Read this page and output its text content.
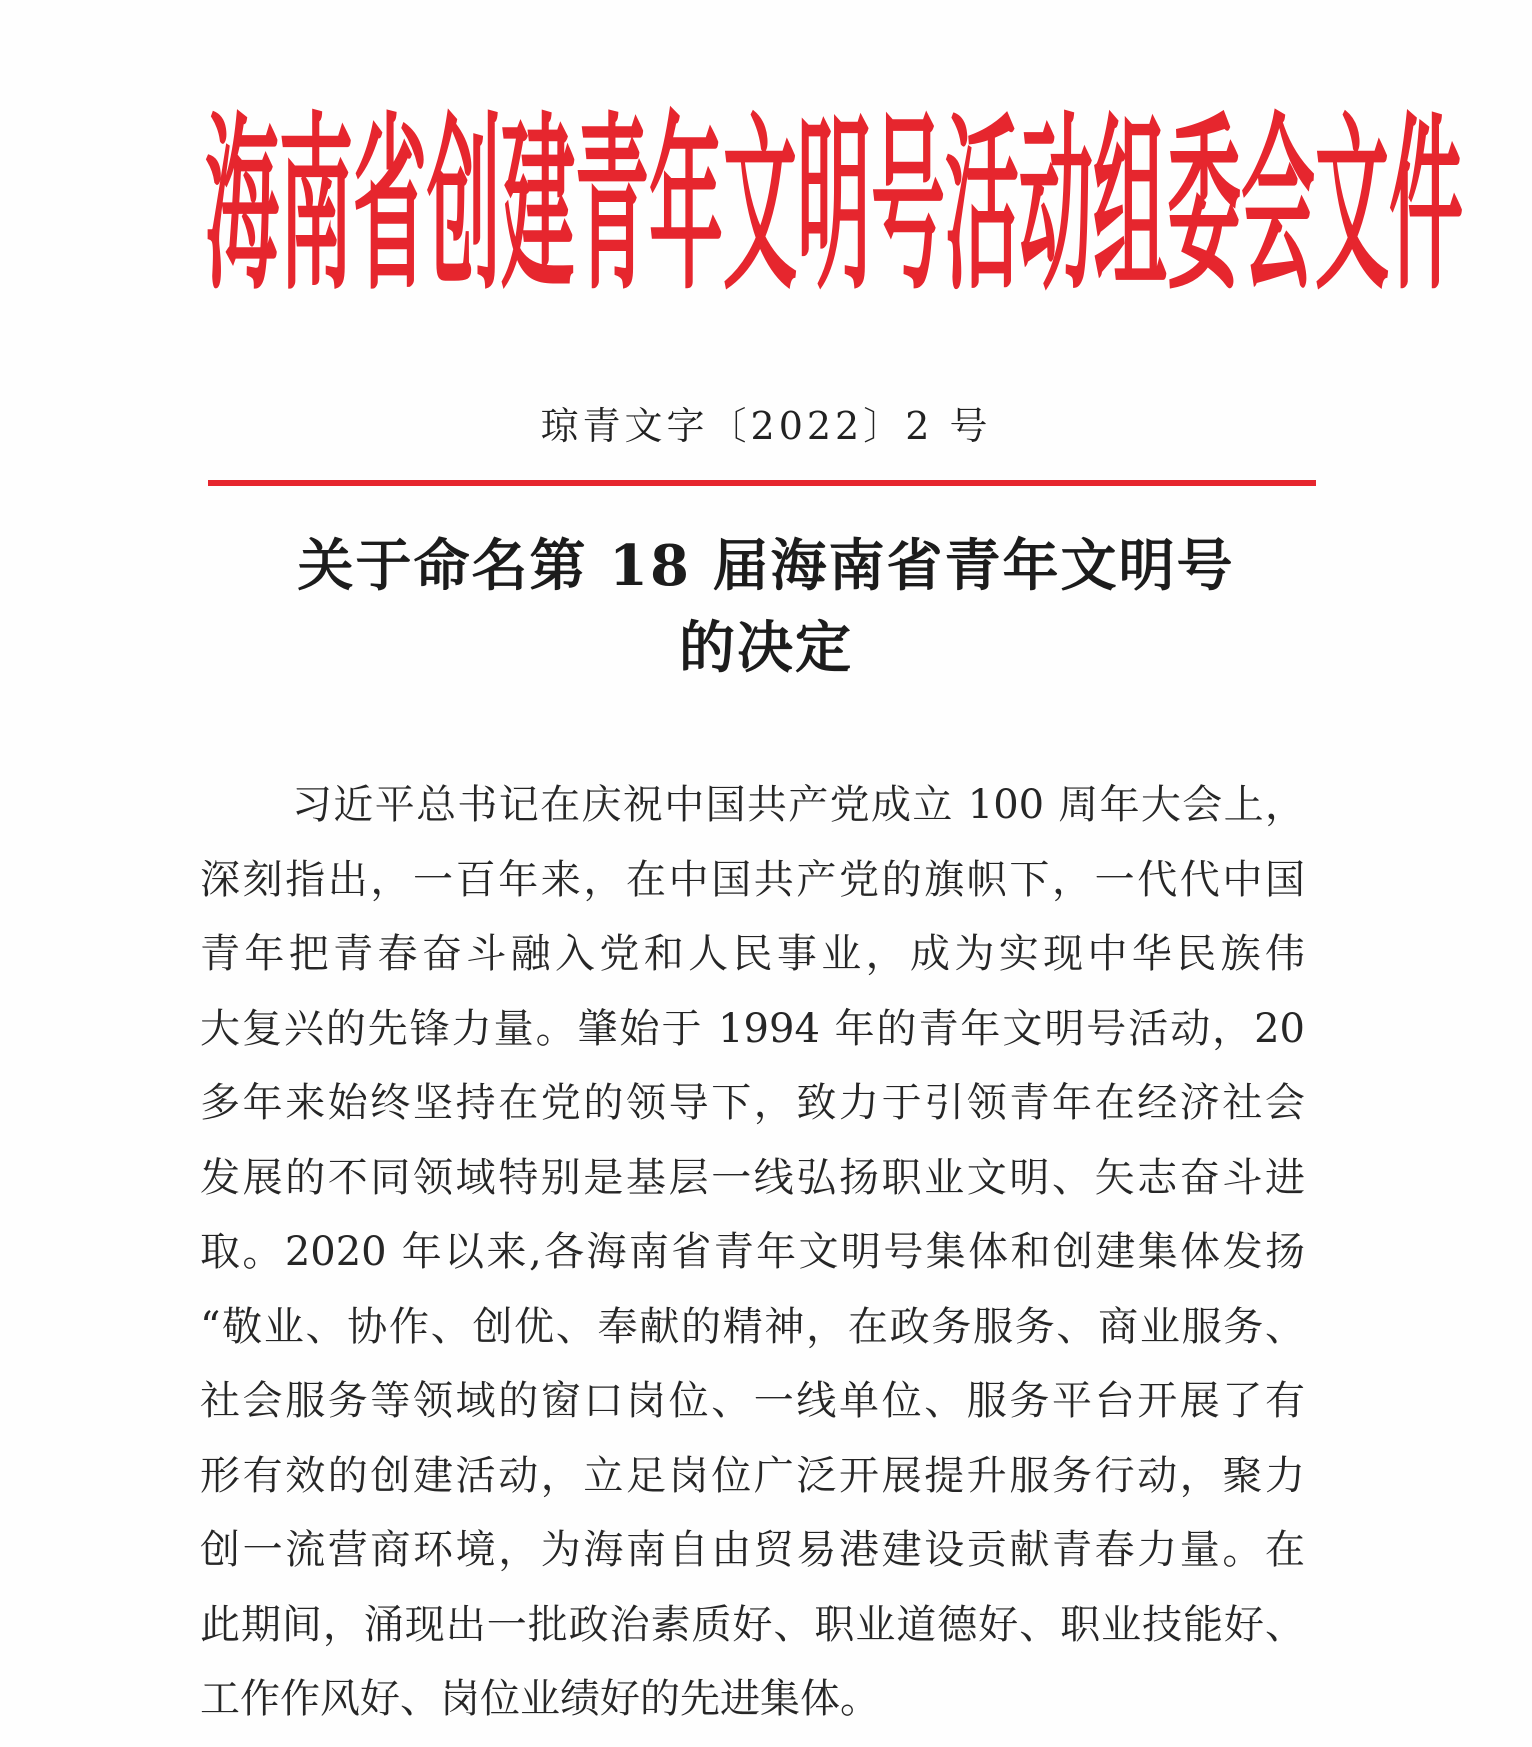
海 南 省 创 建 青 年 文 明 号 活 动 组 委 会 文 件
琼青文字〔2022〕2 号
关于命名第 18 届海南省青年文明号
的决定
习近平总书记在庆祝中国共产党成立 100 周年大会上，
深刻指出，一百年来，在中国共产党的旗帜下，一代代中国
青年把青春奋斗融入党和人民事业，成为实现中华民族伟
大复兴的先锋力量。肇始于 1994 年的青年文明号活动，20
多年来始终坚持在党的领导下，致力于引领青年在经济社会
发展的不同领域特别是基层一线弘扬职业文明、矢志奋斗进
取。2020 年以来,各海南省青年文明号集体和创建集体发扬
“敬业、协作、创优、奉献的精神，在政务服务、商业服务、
社会服务等领域的窗口岗位、一线单位、服务平台开展了有
形有效的创建活动，立足岗位广泛开展提升服务行动，聚力
创一流营商环境，为海南自由贸易港建设贡献青春力量。在
此期间，涌现出一批政治素质好、职业道德好、职业技能好、
工作作风好、岗位业绩好的先进集体。
